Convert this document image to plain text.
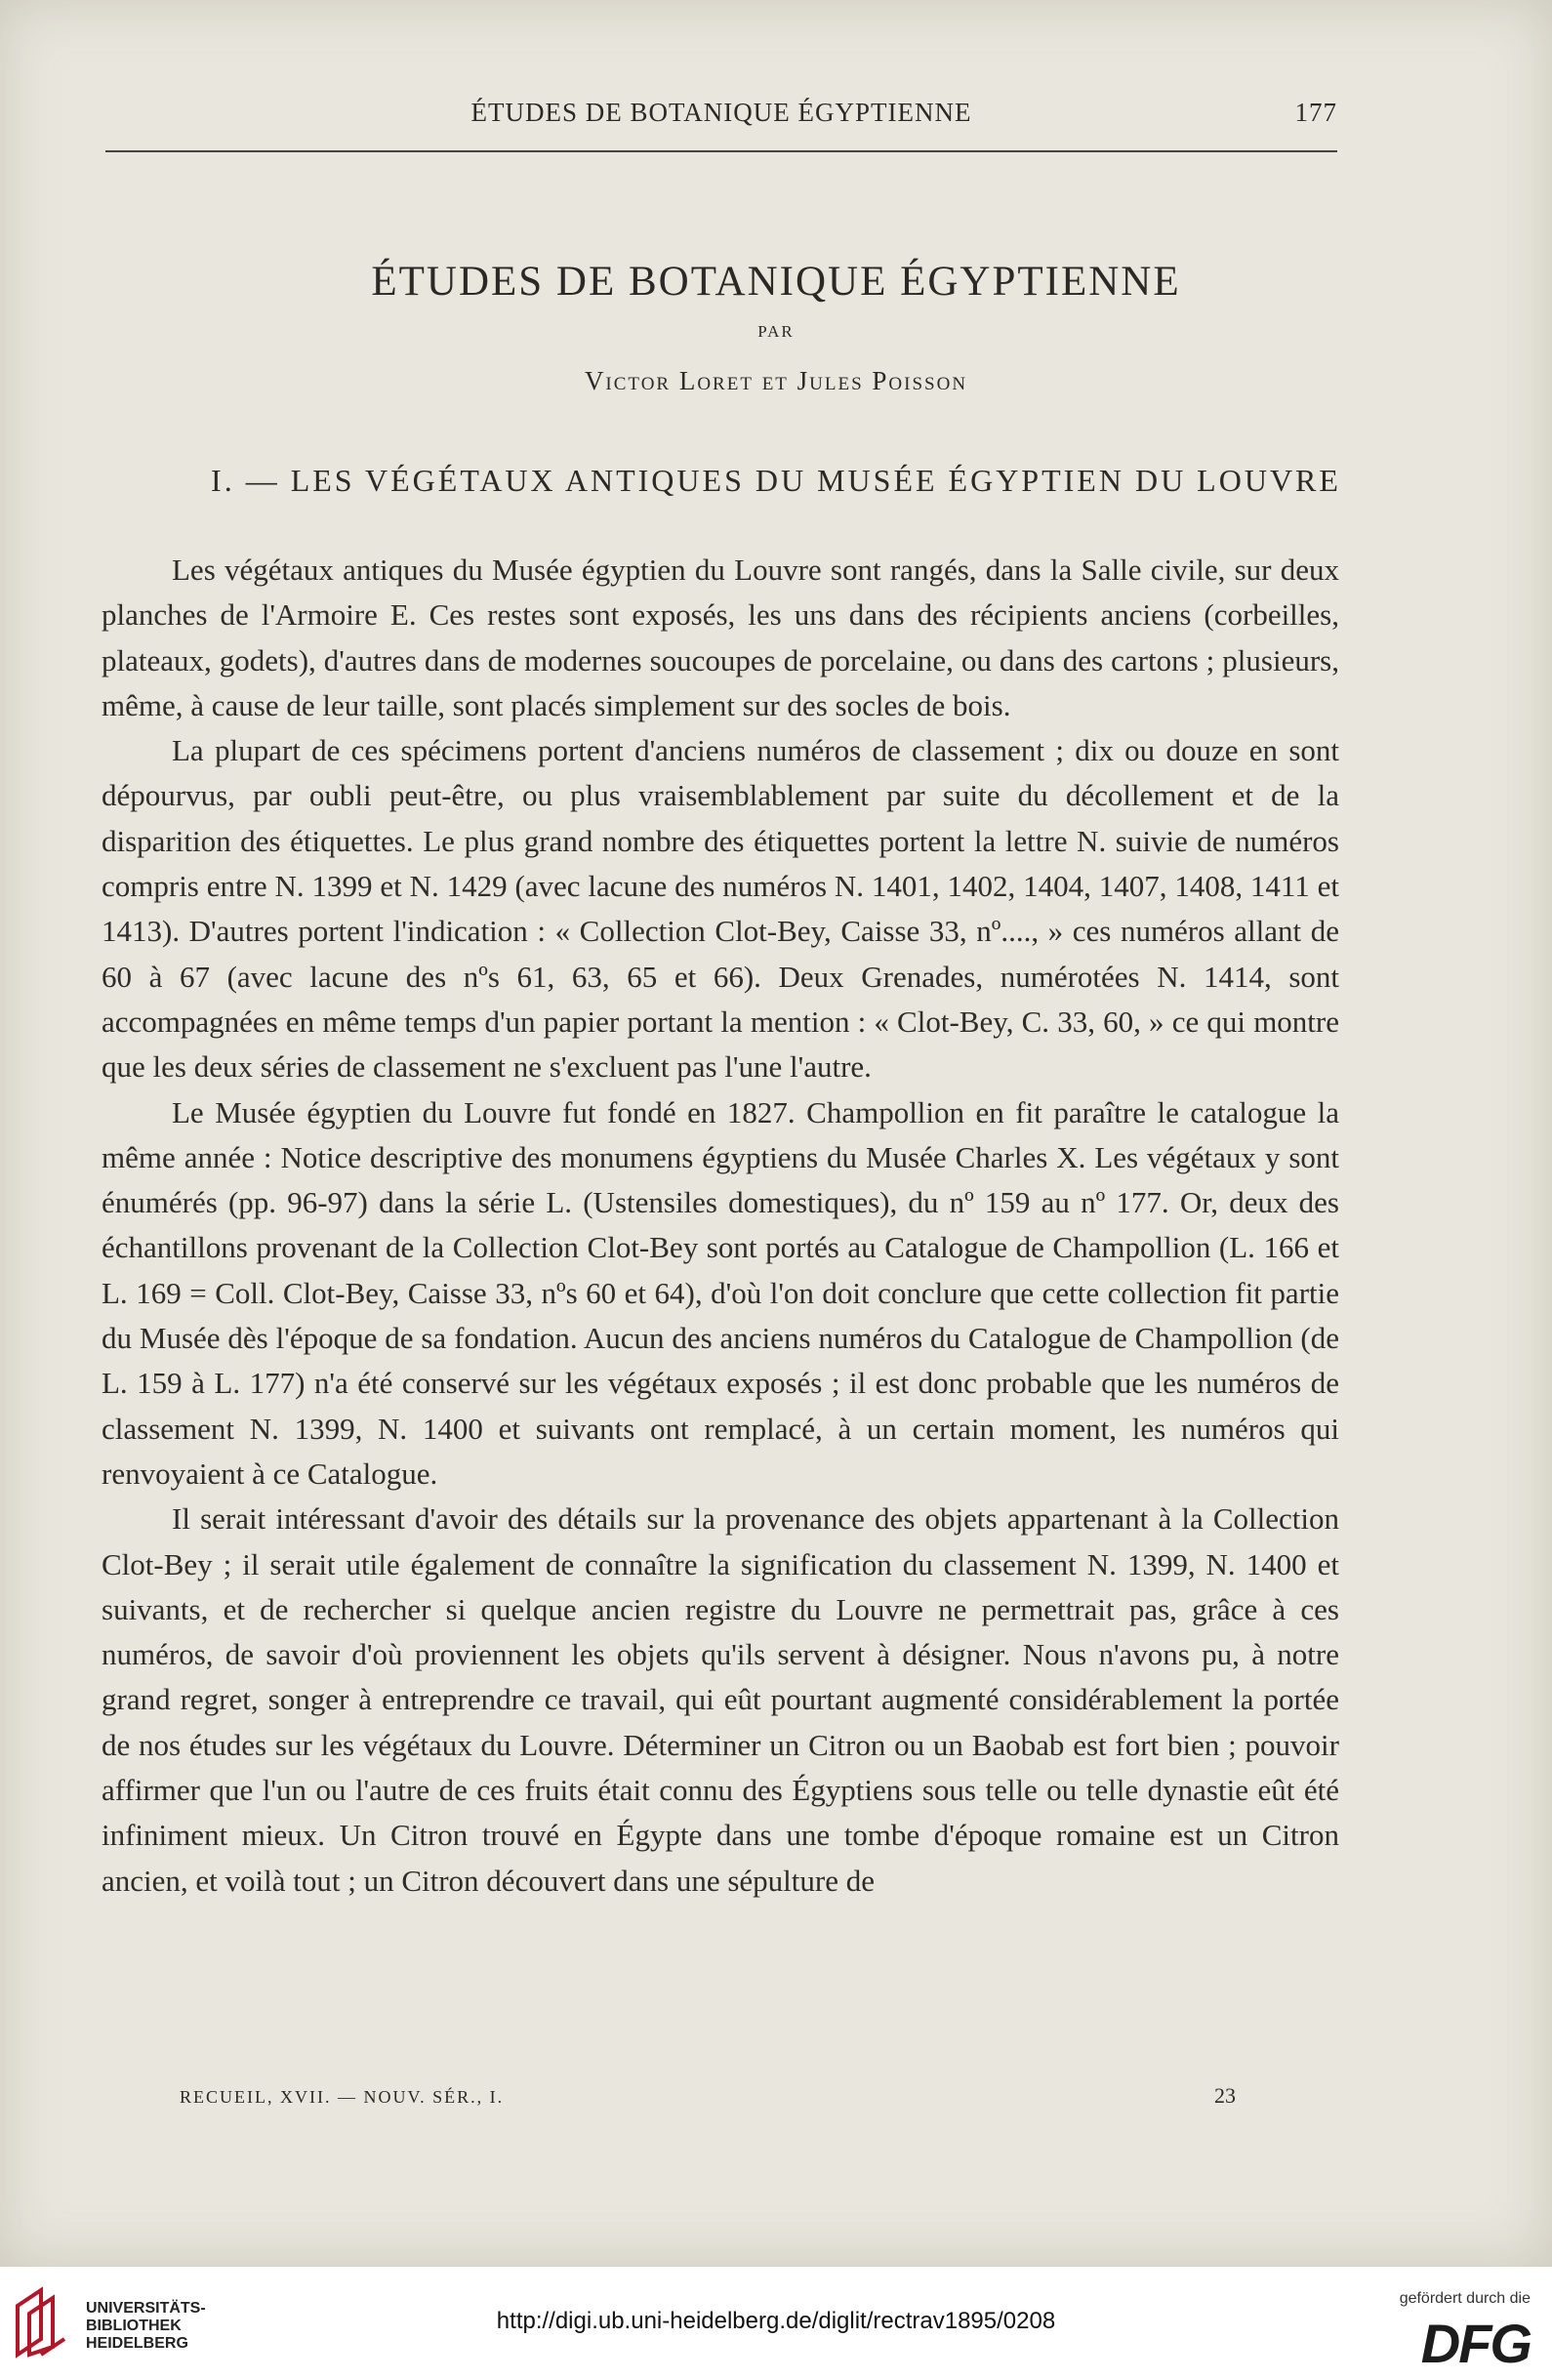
ÉTUDES DE BOTANIQUE ÉGYPTIENNE	177
ÉTUDES DE BOTANIQUE ÉGYPTIENNE
PAR
Victor Loret et Jules Poisson
I. — LES VÉGÉTAUX ANTIQUES DU MUSÉE ÉGYPTIEN DU LOUVRE

Les végétaux antiques du Musée égyptien du Louvre sont rangés, dans la Salle civile, sur deux planches de l'Armoire E. Ces restes sont exposés, les uns dans des récipients anciens (corbeilles, plateaux, godets), d'autres dans de modernes soucoupes de porcelaine, ou dans des cartons ; plusieurs, même, à cause de leur taille, sont placés simplement sur des socles de bois.

La plupart de ces spécimens portent d'anciens numéros de classement ; dix ou douze en sont dépourvus, par oubli peut-être, ou plus vraisemblablement par suite du décollement et de la disparition des étiquettes. Le plus grand nombre des étiquettes portent la lettre N. suivie de numéros compris entre N. 1399 et N. 1429 (avec lacune des numéros N. 1401, 1402, 1404, 1407, 1408, 1411 et 1413). D'autres portent l'indication : « Collection Clot-Bey, Caisse 33, nº...., » ces numéros allant de 60 à 67 (avec lacune des nºs 61, 63, 65 et 66). Deux Grenades, numérotées N. 1414, sont accompagnées en même temps d'un papier portant la mention : « Clot-Bey, C. 33, 60, » ce qui montre que les deux séries de classement ne s'excluent pas l'une l'autre.

Le Musée égyptien du Louvre fut fondé en 1827. Champollion en fit paraître le catalogue la même année : Notice descriptive des monumens égyptiens du Musée Charles X. Les végétaux y sont énumérés (pp. 96-97) dans la série L. (Ustensiles domestiques), du nº 159 au nº 177. Or, deux des échantillons provenant de la Collection Clot-Bey sont portés au Catalogue de Champollion (L. 166 et L. 169 = Coll. Clot-Bey, Caisse 33, nºs 60 et 64), d'où l'on doit conclure que cette collection fit partie du Musée dès l'époque de sa fondation. Aucun des anciens numéros du Catalogue de Champollion (de L. 159 à L. 177) n'a été conservé sur les végétaux exposés ; il est donc probable que les numéros de classement N. 1399, N. 1400 et suivants ont remplacé, à un certain moment, les numéros qui renvoyaient à ce Catalogue.

Il serait intéressant d'avoir des détails sur la provenance des objets appartenant à la Collection Clot-Bey ; il serait utile également de connaître la signification du classement N. 1399, N. 1400 et suivants, et de rechercher si quelque ancien registre du Louvre ne permettrait pas, grâce à ces numéros, de savoir d'où proviennent les objets qu'ils servent à désigner. Nous n'avons pu, à notre grand regret, songer à entreprendre ce travail, qui eût pourtant augmenté considérablement la portée de nos études sur les végétaux du Louvre. Déterminer un Citron ou un Baobab est fort bien ; pouvoir affirmer que l'un ou l'autre de ces fruits était connu des Égyptiens sous telle ou telle dynastie eût été infiniment mieux. Un Citron trouvé en Égypte dans une tombe d'époque romaine est un Citron ancien, et voilà tout ; un Citron découvert dans une sépulture de

RECUEIL, XVII. — NOUV. SÉR., I.	23
UNIVERSITÄTS-
BIBLIOTHEK
HEIDELBERG
http://digi.ub.uni-heidelberg.de/diglit/rectrav1895/0208
gefördert durch die
DFG
